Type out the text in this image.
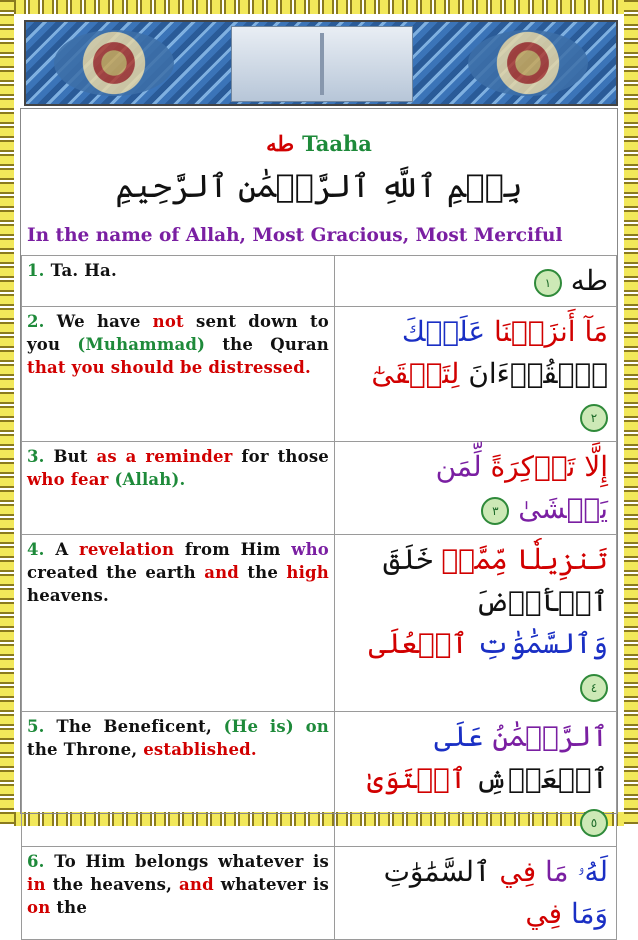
طه Taaha
بِسۡمِ ٱللَّهِ ٱلرَّحۡمَٰنِ ٱلرَّحِيمِ
In the name of Allah, Most Gracious, Most Merciful
1. Ta. Ha.	طه ١
2. We have not sent down to you (Muhammad) the Quran that you should be distressed.	مَآ أَنزَلۡنَا عَلَيۡكَ ٱلۡقُرۡءَانَ لِتَشۡقَىٰٓ
٢
3. But as a reminder for those who fear (Allah).	إِلَّا تَذۡكِرَةً لِّمَن يَخۡشَىٰ ٣
4. A revelation from Him who created the earth and the high heavens.	تَنزِيلٗا مِّمَّنۡ خَلَقَ ٱلۡأَرۡضَ
وَٱلسَّمَٰوَٰتِ ٱلۡعُلَى ٤
5. The Beneficent, (He is) on the Throne, established.	ٱلرَّحۡمَٰنُ عَلَى ٱلۡعَرۡشِ ٱسۡتَوَىٰ
٥
6. To Him belongs whatever is in the heavens, and whatever is on the	لَهُۥ مَا فِي ٱلسَّمَٰوَٰتِ وَمَا فِي
